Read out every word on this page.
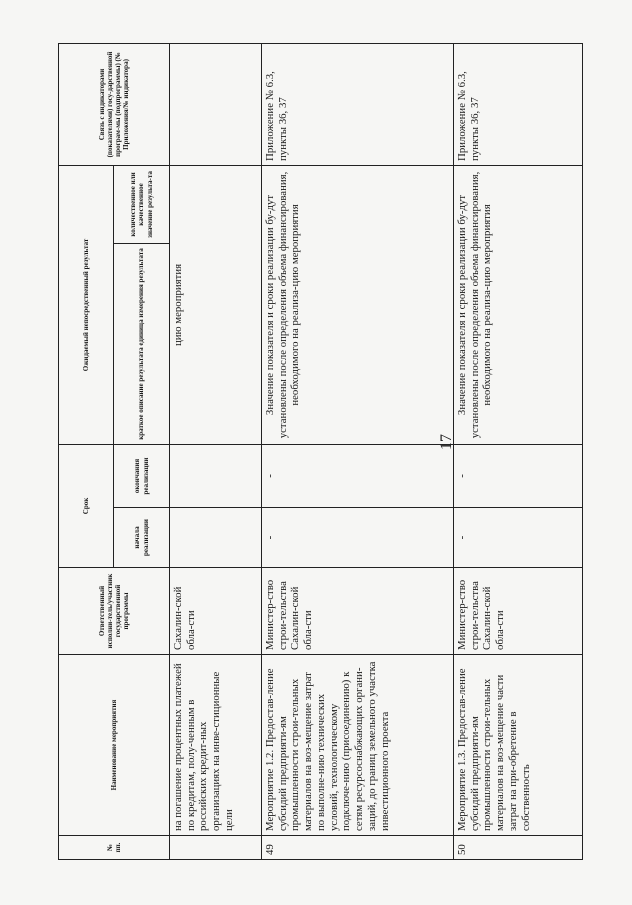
17
№ пп.	Наименование мероприятия	Ответственный исполни-тель/участник государственной программы	Срок		Ожидаемый непосредственный результат		Связь с индикаторами (показателями) госу-дарственной програм-мы (подпрограммы) (№ Приложения/№ индикатора)
			начала реализации	окончания реализации	краткое описание результата единица измерения результата	количественное или качественное значение результа-та	
	на погашение процентных платежей по кредитам, полу-ченным в российских кредит-ных организациях на инве-стиционные цели	Сахалин-ской обла-сти			цию мероприятия		
49	Мероприятие 1.2. Предостав-ление субсидий предприяти-ям промышленности строи-тельных материалов на воз-мещение затрат по выполне-нию технических условий, технологическому подключе-нию (присоединению) к сетям ресурсоснабжающих органи-заций, до границ земельного участка инвестиционного проекта	Министер-ство строи-тельства Сахалин-ской обла-сти	-	-	Значение показателя и сроки реализации бу-дут установлены после определения объема финансирования, необходимого на реализа-цию мероприятия		Приложение № 6.3, пункты 36, 37
50	Мероприятие 1.3. Предостав-ление субсидий предприяти-ям промышленности строи-тельных материалов на воз-мещение части затрат на при-обретение в собственность	Министер-ство строи-тельства Сахалин-ской обла-сти	-	-	Значение показателя и сроки реализации бу-дут установлены после определения объема финансирования, необходимого на реализа-цию мероприятия		Приложение № 6.3, пункты 36, 37
